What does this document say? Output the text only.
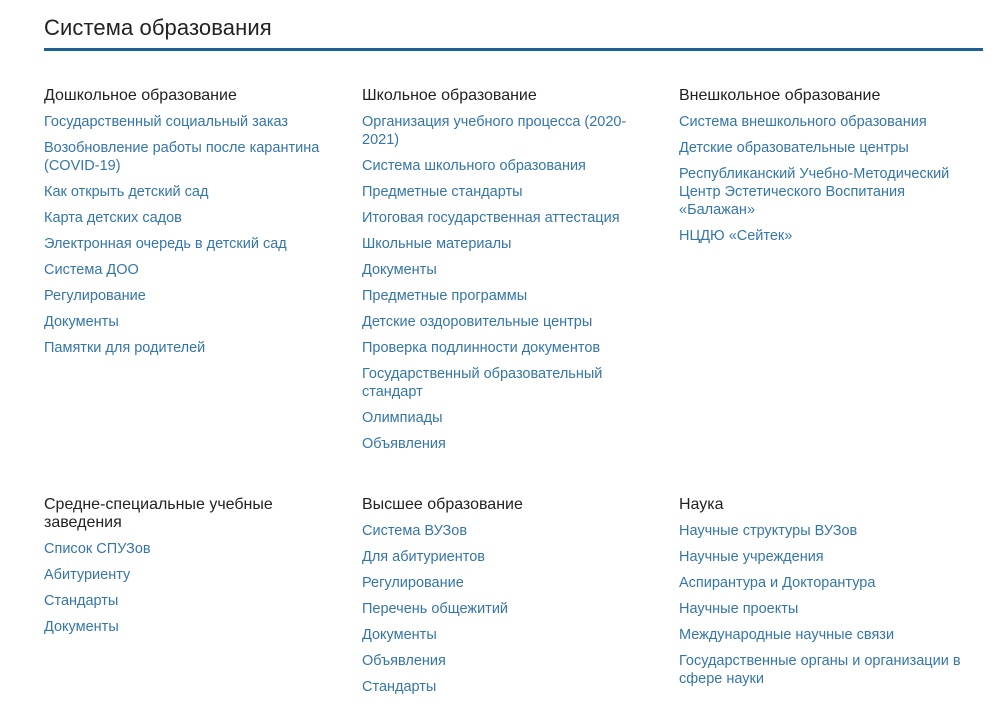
Система образования
Дошкольное образование
Государственный социальный заказ
Возобновление работы после карантина (COVID-19)
Как открыть детский сад
Карта детских садов
Электронная очередь в детский сад
Система ДОО
Регулирование
Документы
Памятки для родителей
Школьное образование
Организация учебного процесса (2020-2021)
Система школьного образования
Предметные стандарты
Итоговая государственная аттестация
Школьные материалы
Документы
Предметные программы
Детские оздоровительные центры
Проверка подлинности документов
Государственный образовательный стандарт
Олимпиады
Объявления
Внешкольное образование
Система внешкольного образования
Детские образовательные центры
Республиканский Учебно-Методический Центр Эстетического Воспитания «Балажан»
НЦДЮ «Сейтек»
Средне-специальные учебные заведения
Список СПУЗов
Абитуриенту
Стандарты
Документы
Высшее образование
Система ВУЗов
Для абитуриентов
Регулирование
Перечень общежитий
Документы
Объявления
Стандарты
Наука
Научные структуры ВУЗов
Научные учреждения
Аспирантура и Докторантура
Научные проекты
Международные научные связи
Государственные органы и организации в сфере науки
